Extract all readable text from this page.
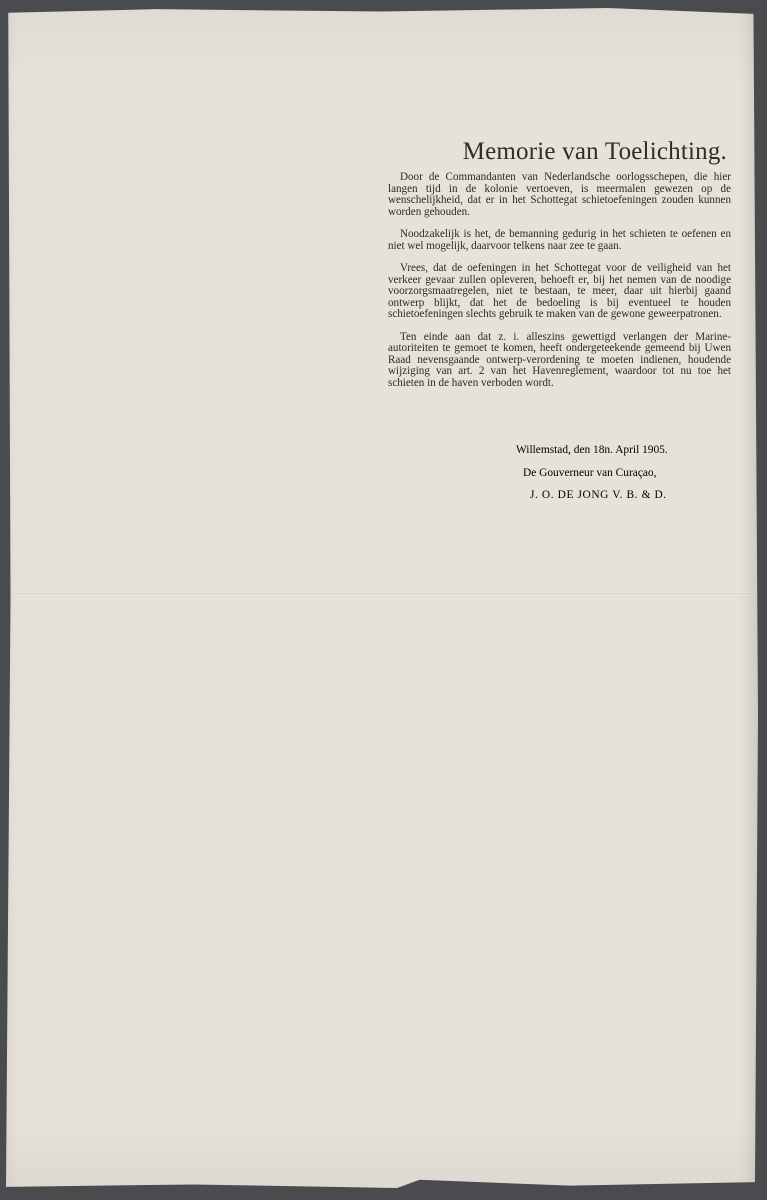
Memorie van Toelichting.

Door de Commandanten van Nederlandsche oorlogsschepen, die hier langen tijd in de kolonie vertoeven, is meermalen gewezen op de wenschelijkheid, dat er in het Schottegat schietoefeningen zouden kunnen worden gehouden.

Noodzakelijk is het, de bemanning gedurig in het schieten te oefenen en niet wel mogelijk, daarvoor telkens naar zee te gaan.

Vrees, dat de oefeningen in het Schottegat voor de veiligheid van het verkeer gevaar zullen opleveren, behoeft er, bij het nemen van de noodige voorzorgsmaatregelen, niet te bestaan, te meer, daar uit hierbij gaand ontwerp blijkt, dat het de bedoeling is bij eventueel te houden schietoefeningen slechts gebruik te maken van de gewone geweerpatronen.

Ten einde aan dat z. i. alleszins gewettigd verlangen der Marine-autoriteiten te gemoet te komen, heeft ondergeteekende gemeend bij Uwen Raad nevensgaande ontwerp-verordening te moeten indienen, houdende wijziging van art. 2 van het Havenreglement, waardoor tot nu toe het schieten in de haven verboden wordt.

Willemstad, den 18n. April 1905.

De Gouverneur van Curaçao,

J. O. DE JONG V. B. & D.
